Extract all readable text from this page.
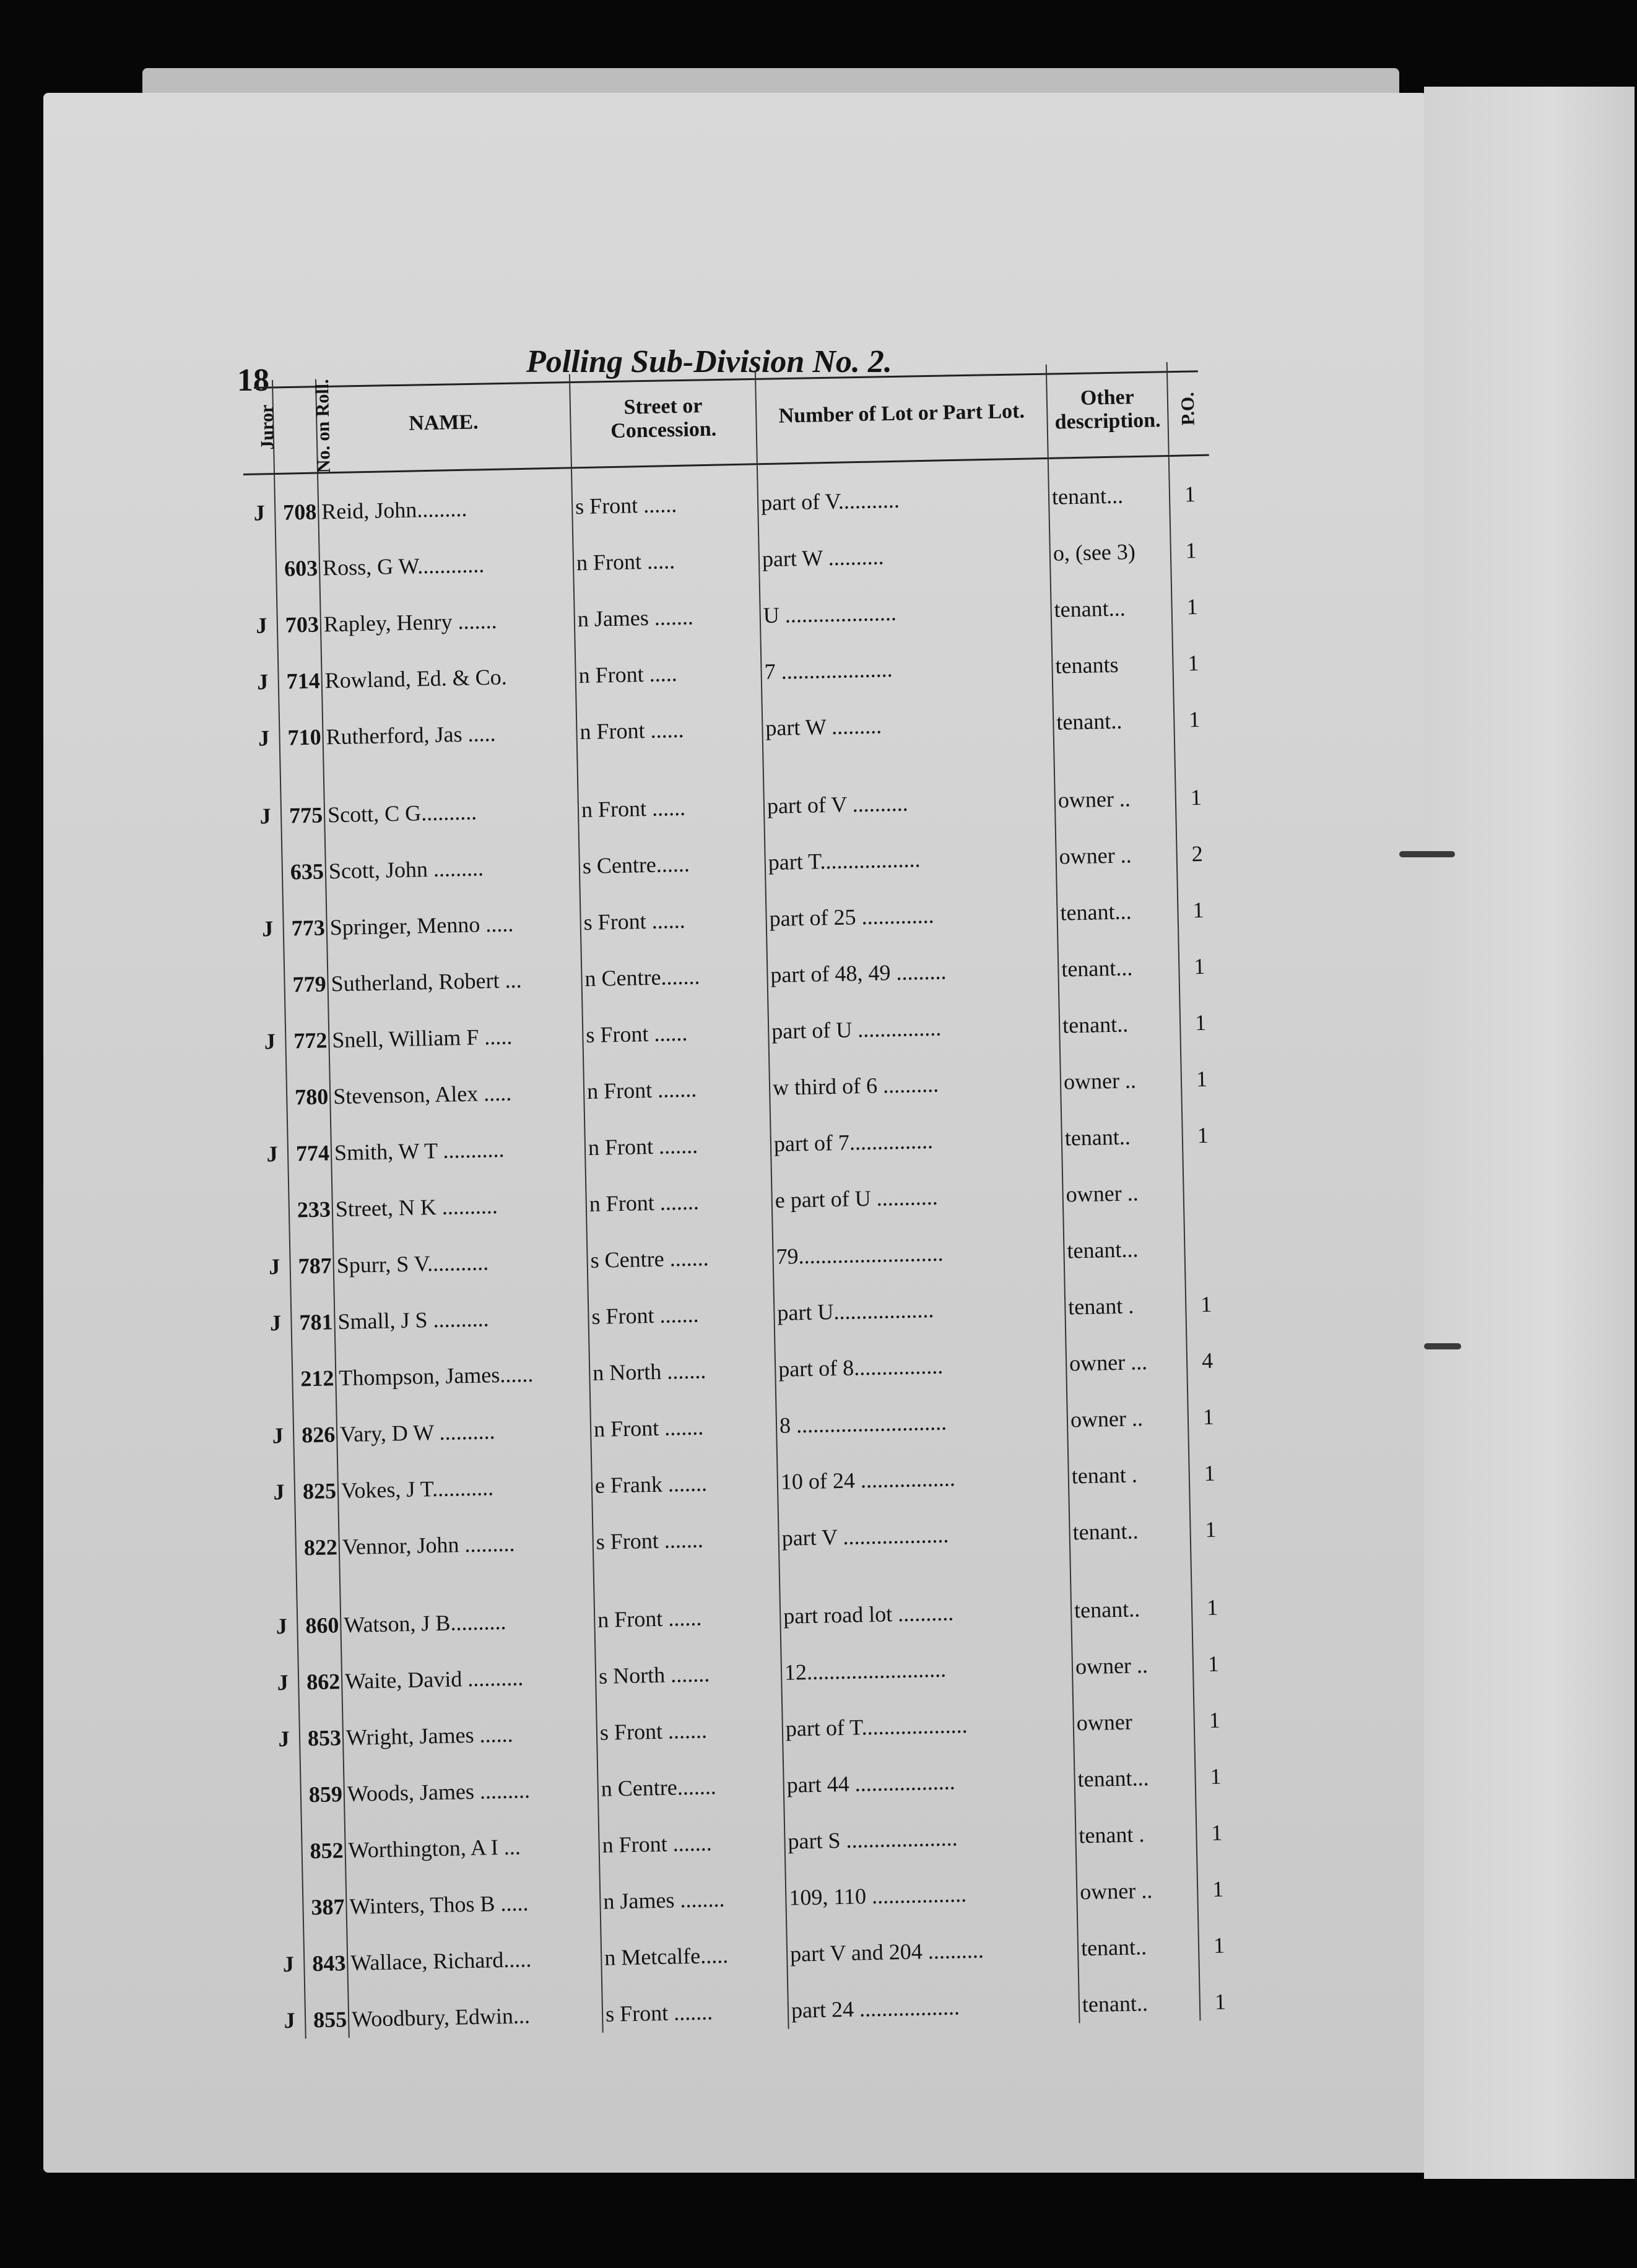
18
Polling Sub-Division No. 2.
Juror	No. on Roll.	NAME.	Street or Concession.	Number of Lot or Part Lot.	Other description.	P.O.
J	708	Reid, John.........	s Front ......	part of V...........	tenant...	1
	603	Ross, G W............	n Front .....	part W ..........	o, (see 3)	1
J	703	Rapley, Henry .......	n James .......	U ....................	tenant...	1
J	714	Rowland, Ed. & Co.	n Front .....	7 ....................	tenants	1
J	710	Rutherford, Jas .....	n Front ......	part W .........	tenant..	1
J	775	Scott, C G..........	n Front ......	part of V ..........	owner ..	1
	635	Scott, John .........	s Centre......	part T..................	owner ..	2
J	773	Springer, Menno .....	s Front ......	part of 25 .............	tenant...	1
	779	Sutherland, Robert ...	n Centre.......	part of 48, 49 .........	tenant...	1
J	772	Snell, William F .....	s Front ......	part of U ...............	tenant..	1
	780	Stevenson, Alex .....	n Front .......	w third of 6 ..........	owner ..	1
J	774	Smith, W T ...........	n Front .......	part of 7...............	tenant..	1
	233	Street, N K ..........	n Front .......	e part of U ...........	owner ..	
J	787	Spurr, S V...........	s Centre .......	79..........................	tenant...	
J	781	Small, J S ..........	s Front .......	part U..................	tenant .	1
	212	Thompson, James......	n North .......	part of 8................	owner ...	4
J	826	Vary, D W ..........	n Front .......	8 ...........................	owner ..	1
J	825	Vokes, J T...........	e Frank .......	10 of 24 .................	tenant .	1
	822	Vennor, John .........	s Front .......	part V ...................	tenant..	1
J	860	Watson, J B..........	n Front ......	part road lot ..........	tenant..	1
J	862	Waite, David ..........	s North .......	12.........................	owner ..	1
J	853	Wright, James ......	s Front .......	part of T...................	owner	1
	859	Woods, James .........	n Centre.......	part 44 ..................	tenant...	1
	852	Worthington, A I ...	n Front .......	part S ....................	tenant .	1
	387	Winters, Thos B .....	n James ........	109, 110 .................	owner ..	1
J	843	Wallace, Richard.....	n Metcalfe.....	part V and 204 ..........	tenant..	1
J	855	Woodbury, Edwin...	s Front .......	part 24 ..................	tenant..	1
